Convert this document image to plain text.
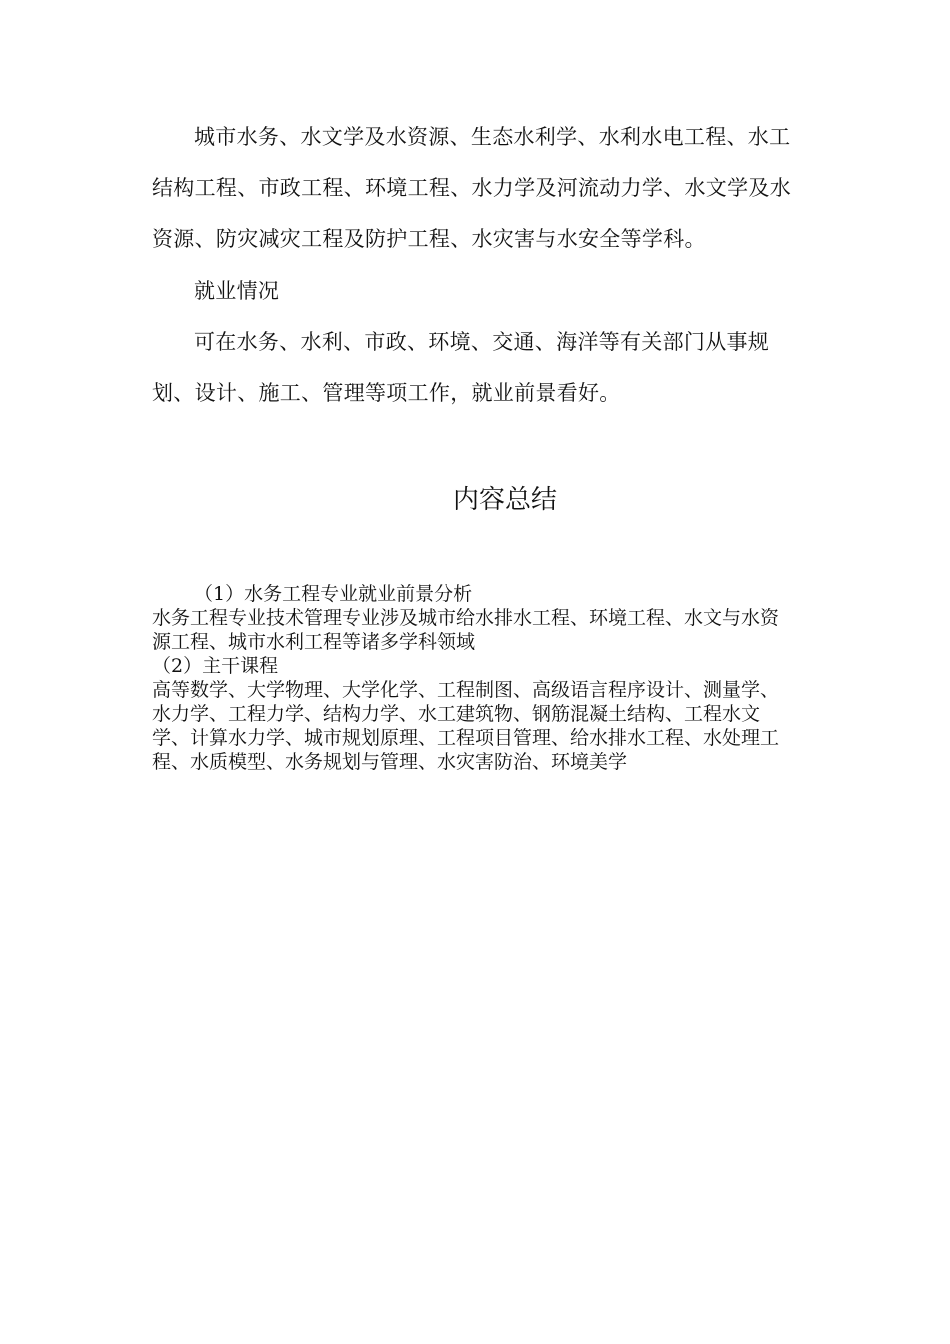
城市水务、水文学及水资源、生态水利学、水利水电工程、水工结构工程、市政工程、环境工程、水力学及河流动力学、水文学及水资源、防灾减灾工程及防护工程、水灾害与水安全等学科。

就业情况

可在水务、水利、市政、环境、交通、海洋等有关部门从事规划、设计、施工、管理等项工作，就业前景看好。

内容总结

（1）水务工程专业就业前景分析

水务工程专业技术管理专业涉及城市给水排水工程、环境工程、水文与水资源工程、城市水利工程等诸多学科领域

（2）主干课程

高等数学、大学物理、大学化学、工程制图、高级语言程序设计、测量学、水力学、工程力学、结构力学、水工建筑物、钢筋混凝土结构、工程水文学、计算水力学、城市规划原理、工程项目管理、给水排水工程、水处理工程、水质模型、水务规划与管理、水灾害防治、环境美学
